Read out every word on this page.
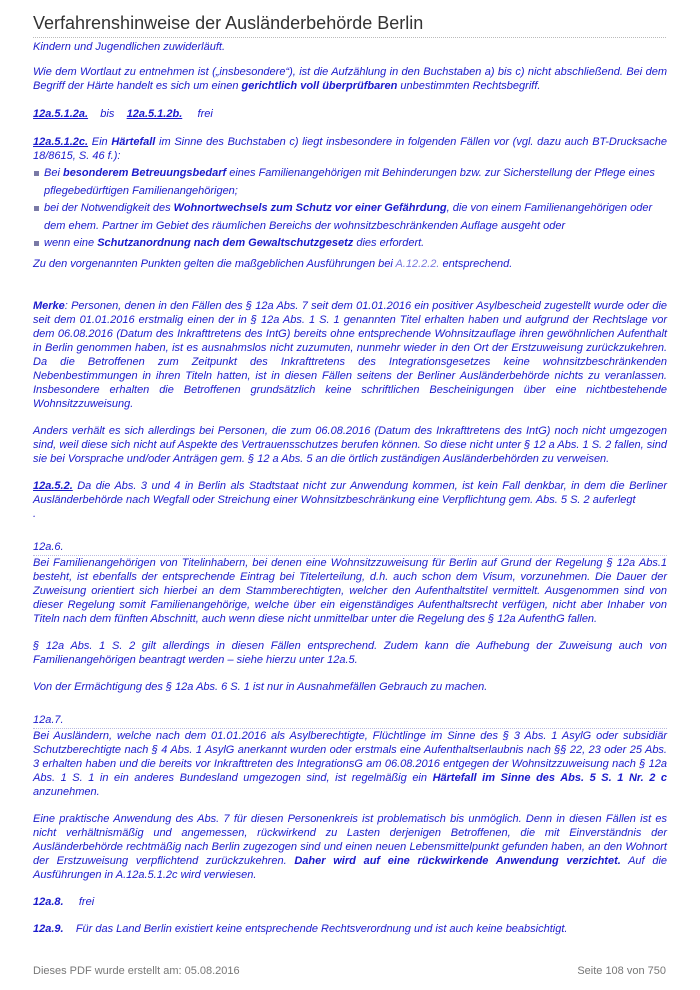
Verfahrenshinweise der Ausländerbehörde Berlin

Kindern und Jugendlichen zuwiderläuft.

Wie dem Wortlaut zu entnehmen ist („insbesondere“), ist die Aufzählung in den Buchstaben a) bis c) nicht abschließend. Bei dem Begriff der Härte handelt es sich um einen gerichtlich voll überprüfbaren unbestimmten Rechtsbegriff.

12a.5.1.2a. bis 12a.5.1.2b. frei

12a.5.1.2c. Ein Härtefall im Sinne des Buchstaben c) liegt insbesondere in folgenden Fällen vor (vgl. dazu auch BT-Drucksache 18/8615, S. 46 f.):

Bei besonderem Betreuungsbedarf eines Familienangehörigen mit Behinderungen bzw. zur Sicherstellung der Pflege eines pflegebedürftigen Familienangehörigen;
bei der Notwendigkeit des Wohnortwechsels zum Schutz vor einer Gefährdung, die von einem Familienangehörigen oder dem ehem. Partner im Gebiet des räumlichen Bereichs der wohnsitzbeschränkenden Auflage ausgeht oder
wenn eine Schutzanordnung nach dem Gewaltschutzgesetz dies erfordert.

Zu den vorgenannten Punkten gelten die maßgeblichen Ausführungen bei A.12.2.2. entsprechend.

Merke: Personen, denen in den Fällen des § 12a Abs. 7 seit dem 01.01.2016 ein positiver Asylbescheid zugestellt wurde oder die seit dem 01.01.2016 erstmalig einen der in § 12a Abs. 1 S. 1 genannten Titel erhalten haben und aufgrund der Rechtslage vor dem 06.08.2016 (Datum des Inkrafttretens des IntG) bereits ohne entsprechende Wohnsitzauflage ihren gewöhnlichen Aufenthalt in Berlin genommen haben, ist es ausnahmslos nicht zuzumuten, nunmehr wieder in den Ort der Erstzuweisung zurückzukehren. Da die Betroffenen zum Zeitpunkt des Inkrafttretens des Integrationsgesetzes keine wohnsitzbeschränkenden Nebenbestimmungen in ihren Titeln hatten, ist in diesen Fällen seitens der Berliner Ausländerbehörde nichts zu veranlassen. Insbesondere erhalten die Betroffenen grundsätzlich keine schriftlichen Bescheinigungen über eine nichtbestehende Wohnsitzzuweisung.

Anders verhält es sich allerdings bei Personen, die zum 06.08.2016 (Datum des Inkrafttretens des IntG) noch nicht umgezogen sind, weil diese sich nicht auf Aspekte des Vertrauensschutzes berufen können. So diese nicht unter § 12 a Abs. 1 S. 2 fallen, sind sie bei Vorsprache und/oder Anträgen gem. § 12 a Abs. 5 an die örtlich zuständigen Ausländerbehörden zu verweisen.

12a.5.2. Da die Abs. 3 und 4 in Berlin als Stadtstaat nicht zur Anwendung kommen, ist kein Fall denkbar, in dem die Berliner Ausländerbehörde nach Wegfall oder Streichung einer Wohnsitzbeschränkung eine Verpflichtung gem. Abs. 5 S. 2 auferlegt
.

12a.6.

Bei Familienangehörigen von Titelinhabern, bei denen eine Wohnsitzzuweisung für Berlin auf Grund der Regelung § 12a Abs.1 besteht, ist ebenfalls der entsprechende Eintrag bei Titelerteilung, d.h. auch schon dem Visum, vorzunehmen. Die Dauer der Zuweisung orientiert sich hierbei an dem Stammberechtigten, welcher den Aufenthaltstitel vermittelt. Ausgenommen sind von dieser Regelung somit Familienangehörige, welche über ein eigenständiges Aufenthaltsrecht verfügen, nicht aber Inhaber von Titeln nach dem fünften Abschnitt, auch wenn diese nicht unmittelbar unter die Regelung des § 12a AufenthG fallen.

§ 12a Abs. 1 S. 2 gilt allerdings in diesen Fällen entsprechend. Zudem kann die Aufhebung der Zuweisung auch von Familienangehörigen beantragt werden – siehe hierzu unter 12a.5.

Von der Ermächtigung des § 12a Abs. 6 S. 1 ist nur in Ausnahmefällen Gebrauch zu machen.

12a.7.

Bei Ausländern, welche nach dem 01.01.2016 als Asylberechtigte, Flüchtlinge im Sinne des § 3 Abs. 1 AsylG oder subsidiär Schutzberechtigte nach § 4 Abs. 1 AsylG anerkannt wurden oder erstmals eine Aufenthaltserlaubnis nach §§ 22, 23 oder 25 Abs. 3 erhalten haben und die bereits vor Inkrafttreten des IntegrationsG am 06.08.2016 entgegen der Wohnsitzzuweisung nach § 12a Abs. 1 S. 1 in ein anderes Bundesland umgezogen sind, ist regelmäßig ein Härtefall im Sinne des Abs. 5 S. 1 Nr. 2 c anzunehmen.

Eine praktische Anwendung des Abs. 7 für diesen Personenkreis ist problematisch bis unmöglich. Denn in diesen Fällen ist es nicht verhältnismäßig und angemessen, rückwirkend zu Lasten derjenigen Betroffenen, die mit Einverständnis der Ausländerbehörde rechtmäßig nach Berlin zugezogen sind und einen neuen Lebensmittelpunkt gefunden haben, an den Wohnort der Erstzuweisung verpflichtend zurückzukehren. Daher wird auf eine rückwirkende Anwendung verzichtet. Auf die Ausführungen in A.12a.5.1.2c wird verwiesen.

12a.8. frei

12a.9. Für das Land Berlin existiert keine entsprechende Rechtsverordnung und ist auch keine beabsichtigt.

Dieses PDF wurde erstellt am: 05.08.2016	Seite 108 von 750
